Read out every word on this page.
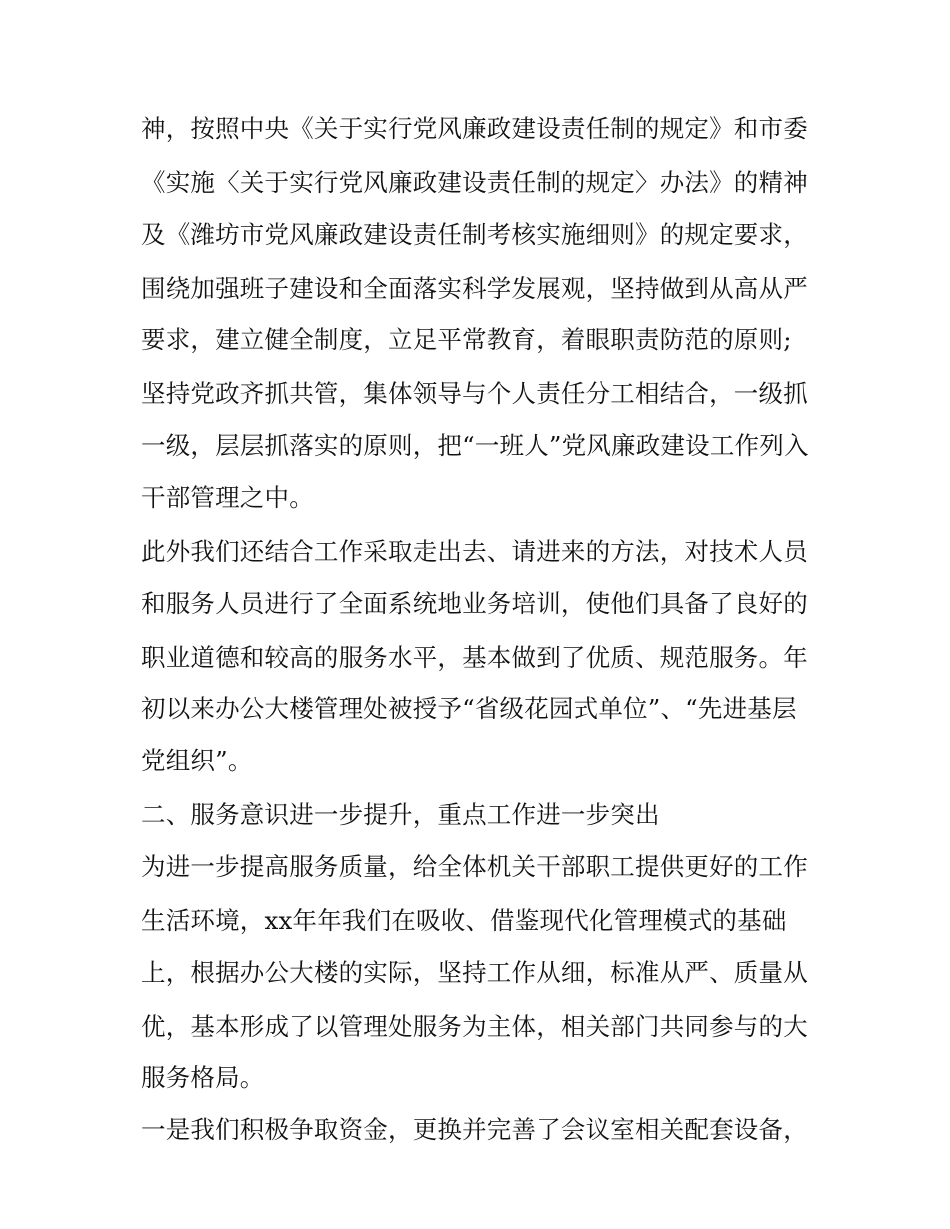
神，按照中央《关于实行党风廉政建设责任制的规定》和市委
《实施〈关于实行党风廉政建设责任制的规定〉办法》的精神
及《潍坊市党风廉政建设责任制考核实施细则》的规定要求，
围绕加强班子建设和全面落实科学发展观，坚持做到从高从严
要求，建立健全制度，立足平常教育，着眼职责防范的原则;
坚持党政齐抓共管，集体领导与个人责任分工相结合，一级抓
一级，层层抓落实的原则，把“一班人”党风廉政建设工作列入
干部管理之中。
此外我们还结合工作采取走出去、请进来的方法，对技术人员
和服务人员进行了全面系统地业务培训，使他们具备了良好的
职业道德和较高的服务水平，基本做到了优质、规范服务。年
初以来办公大楼管理处被授予“省级花园式单位”、“先进基层
党组织”。
二、服务意识进一步提升，重点工作进一步突出
为进一步提高服务质量，给全体机关干部职工提供更好的工作
生活环境，xx年年我们在吸收、借鉴现代化管理模式的基础
上，根据办公大楼的实际，坚持工作从细，标准从严、质量从
优，基本形成了以管理处服务为主体，相关部门共同参与的大
服务格局。
一是我们积极争取资金，更换并完善了会议室相关配套设备，
